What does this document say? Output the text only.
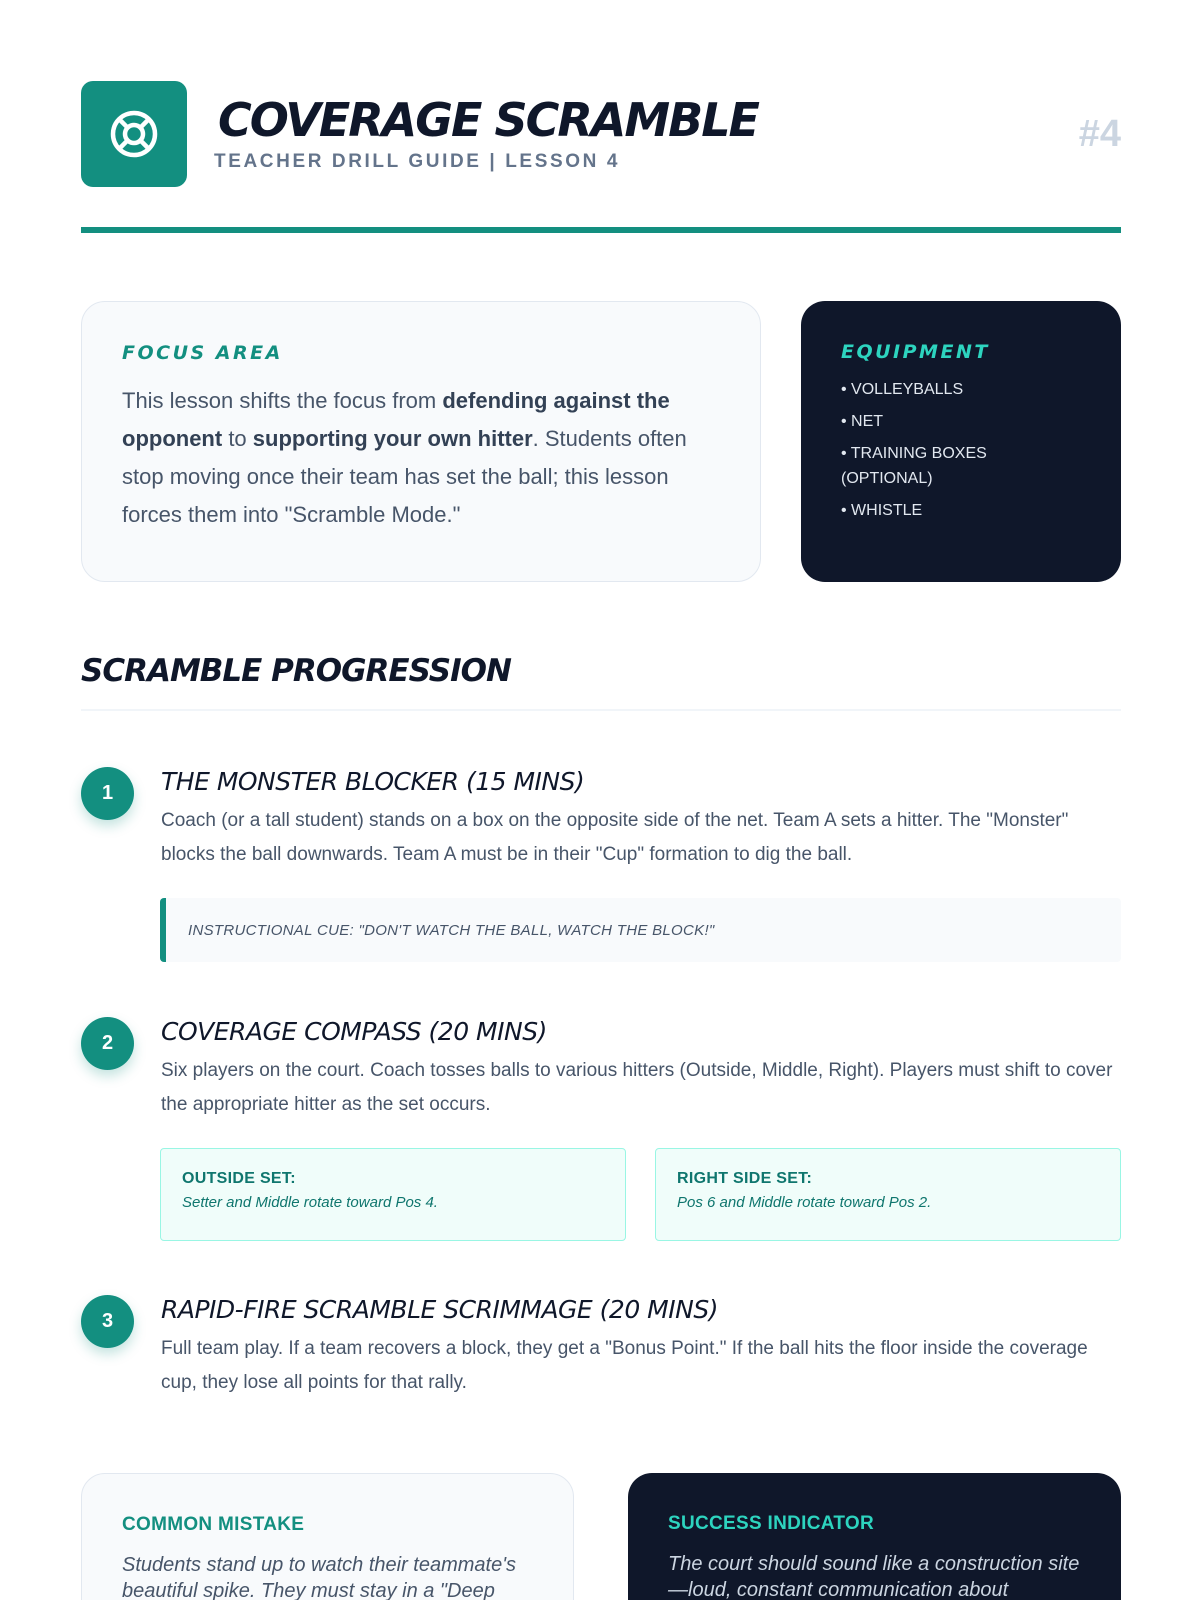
COVERAGE SCRAMBLE
TEACHER DRILL GUIDE | LESSON 4
#4
FOCUS AREA

This lesson shifts the focus from defending against the opponent to supporting your own hitter. Students often stop moving once their team has set the ball; this lesson forces them into "Scramble Mode."

EQUIPMENT
• VOLLEYBALLS
• NET
• TRAINING BOXES (OPTIONAL)
• WHISTLE
SCRAMBLE PROGRESSION
1	THE MONSTER BLOCKER (15 MINS)
Coach (or a tall student) stands on a box on the opposite side of the net. Team A sets a hitter. The "Monster" blocks the ball downwards. Team A must be in their "Cup" formation to dig the ball.
INSTRUCTIONAL CUE: "DON'T WATCH THE BALL, WATCH THE BLOCK!"
2	COVERAGE COMPASS (20 MINS)
Six players on the court. Coach tosses balls to various hitters (Outside, Middle, Right). Players must shift to cover the appropriate hitter as the set occurs.
OUTSIDE SET:
Setter and Middle rotate toward Pos 4.
RIGHT SIDE SET:
Pos 6 and Middle rotate toward Pos 2.
3	RAPID-FIRE SCRAMBLE SCRIMMAGE (20 MINS)
Full team play. If a team recovers a block, they get a "Bonus Point." If the ball hits the floor inside the coverage cup, they lose all points for that rally.
COMMON MISTAKE
Students stand up to watch their teammate's beautiful spike. They must stay in a "Deep
SUCCESS INDICATOR
The court should sound like a construction site—loud, constant communication about
